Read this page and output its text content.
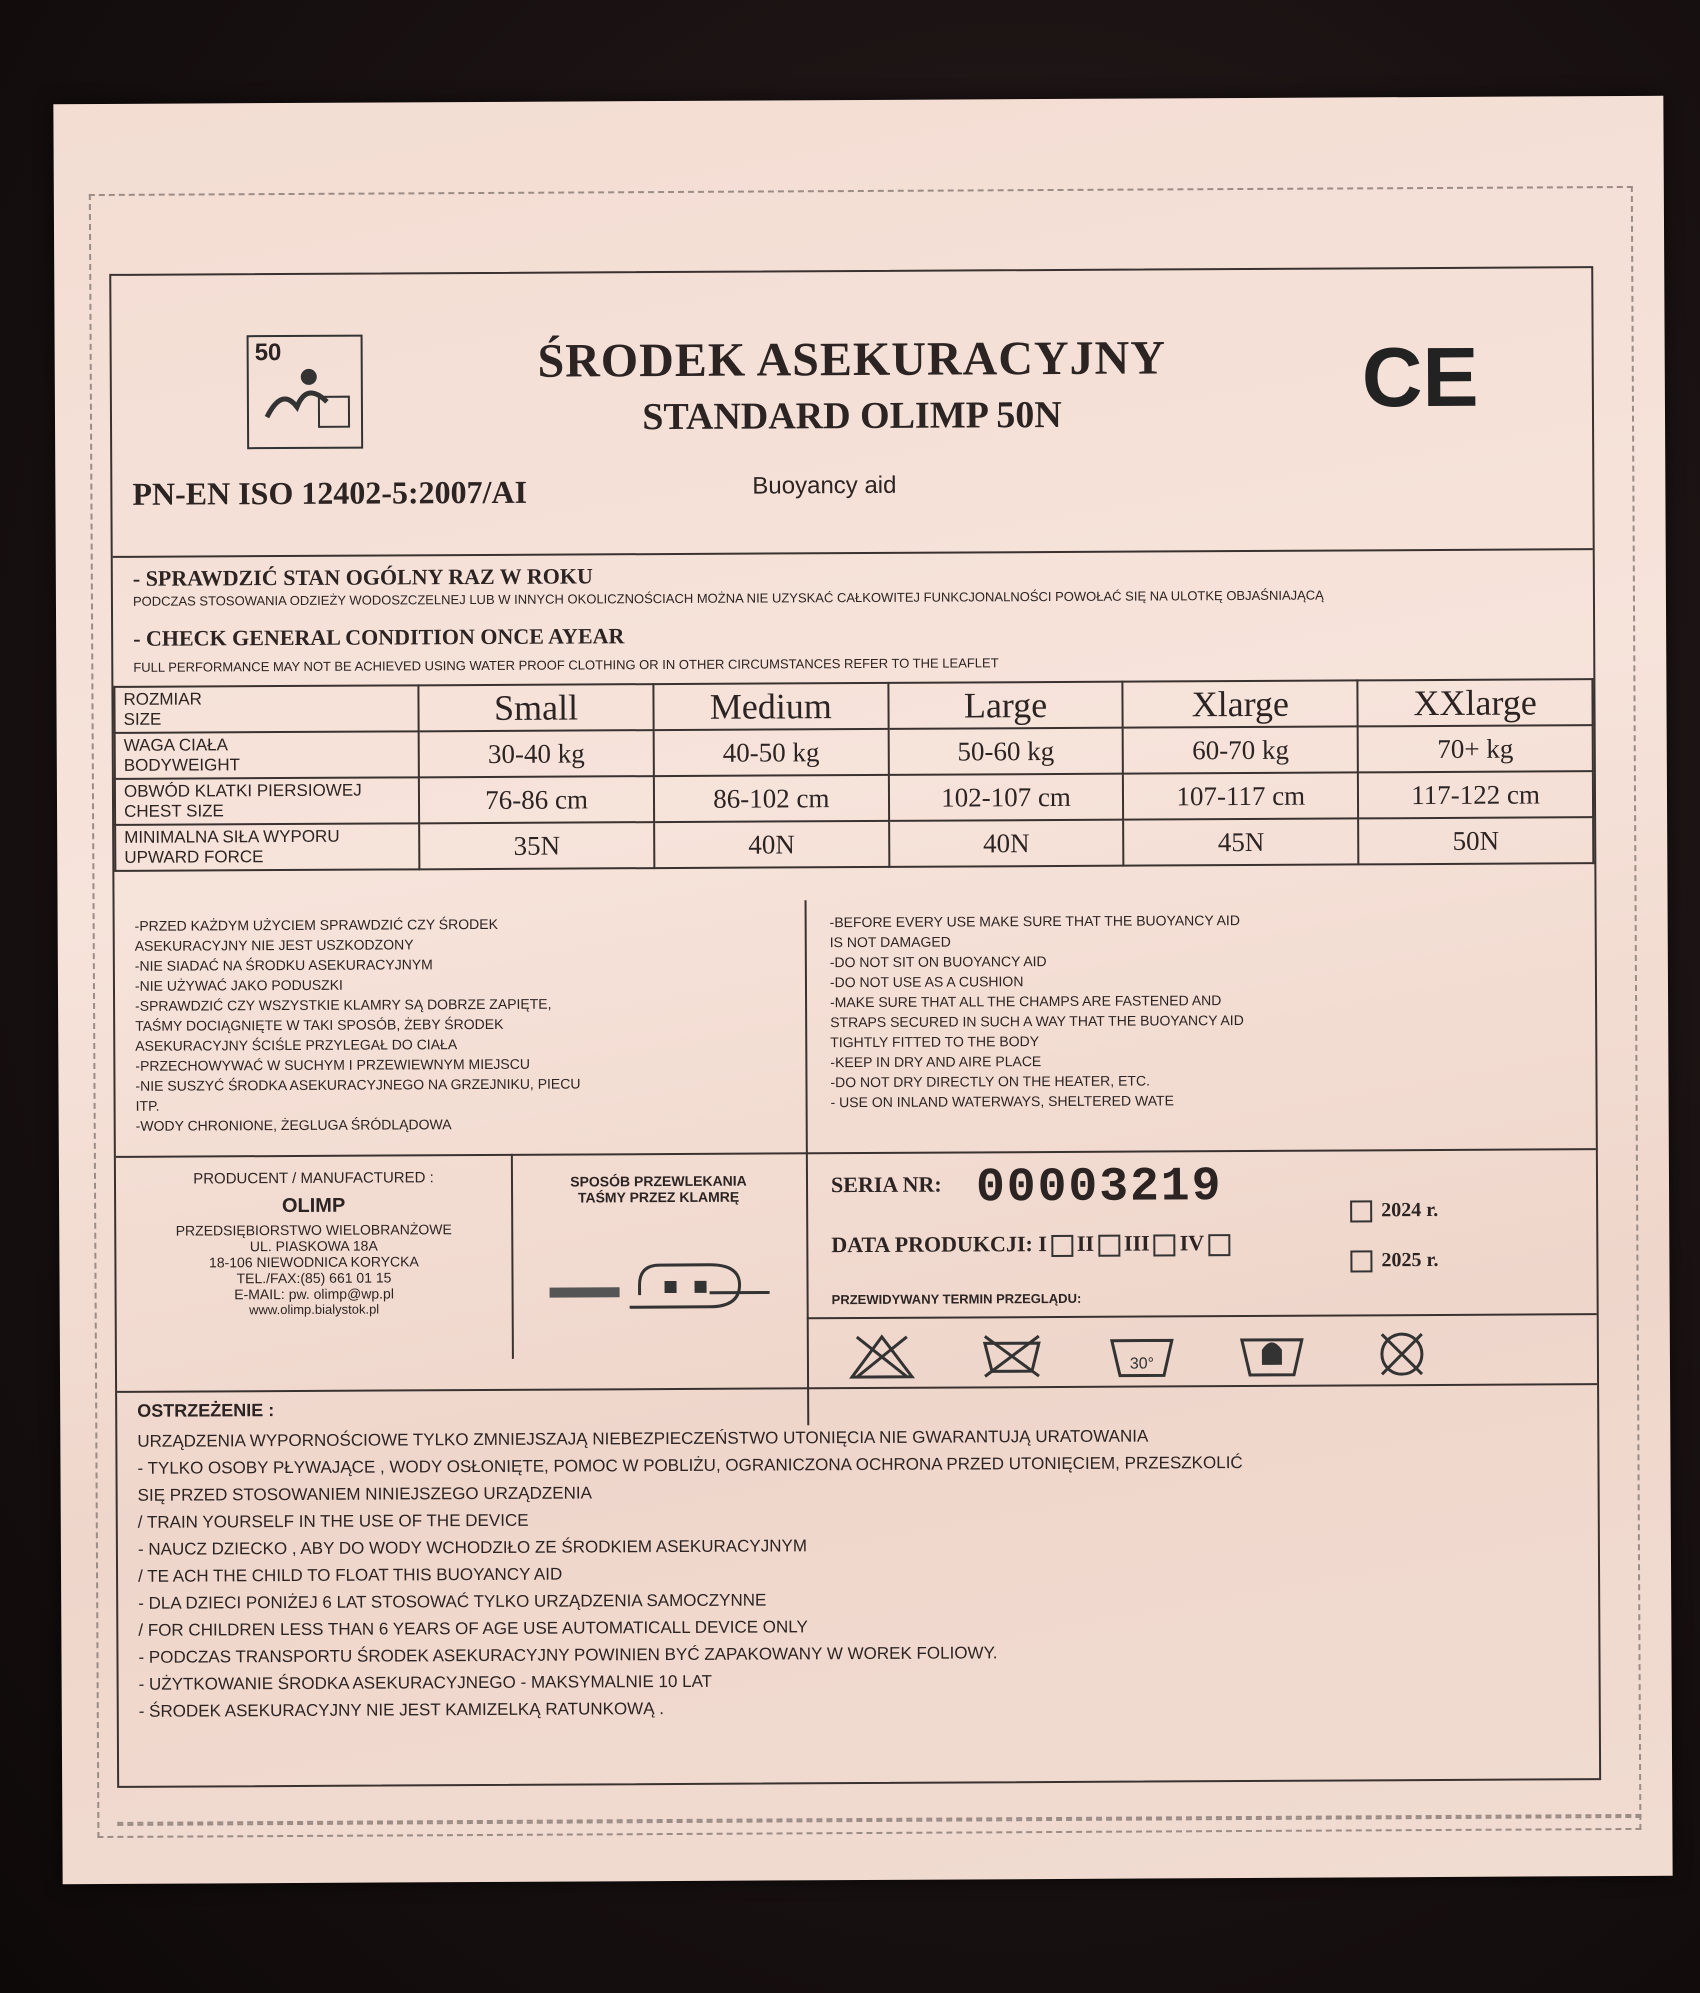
50	ŚRODEK ASEKURACYJNY
STANDARD OLIMP 50N	CE
PN-EN ISO 12402-5:2007/AI	Buoyancy aid
- SPRAWDZIĆ STAN OGÓLNY RAZ W ROKU
PODCZAS STOSOWANIA ODZIEŻY WODOSZCZELNEJ LUB W INNYCH OKOLICZNOŚCIACH MOŻNA NIE UZYSKAĆ CAŁKOWITEJ FUNKCJONALNOŚCI POWOŁAĆ SIĘ NA ULOTKĘ OBJAŚNIAJĄCĄ
- CHECK GENERAL CONDITION ONCE AYEAR
FULL PERFORMANCE MAY NOT BE ACHIEVED USING WATER PROOF CLOTHING OR IN OTHER CIRCUMSTANCES REFER TO THE LEAFLET
ROZMIAR
SIZE	Small	Medium	Large	Xlarge	XXlarge

WAGA CIAŁA
BODYWEIGHT	30-40 kg	40-50 kg	50-60 kg	60-70 kg	70+ kg

OBWÓD KLATKI PIERSIOWEJ
CHEST SIZE	76-86 cm	86-102 cm	102-107 cm	107-117 cm	117-122 cm

MINIMALNA SIŁA WYPORU
UPWARD FORCE	35N	40N	40N	45N	50N
-PRZED KAŻDYM UŻYCIEM SPRAWDZIĆ CZY ŚRODEK
ASEKURACYJNY NIE JEST USZKODZONY
-NIE SIADAĆ NA ŚRODKU ASEKURACYJNYM
-NIE UŻYWAĆ JAKO PODUSZKI
-SPRAWDZIĆ CZY WSZYSTKIE KLAMRY SĄ DOBRZE ZAPIĘTE,
TAŚMY DOCIĄGNIĘTE W TAKI SPOSÓB, ŻEBY ŚRODEK
ASEKURACYJNY ŚCIŚLE PRZYLEGAŁ DO CIAŁA
-PRZECHOWYWAĆ W SUCHYM I PRZEWIEWNYM MIEJSCU
-NIE SUSZYĆ ŚRODKA ASEKURACYJNEGO NA GRZEJNIKU, PIECU
ITP.
-WODY CHRONIONE, ŻEGLUGA ŚRÓDLĄDOWA
-BEFORE EVERY USE MAKE SURE THAT THE BUOYANCY AID
IS NOT DAMAGED
-DO NOT SIT ON BUOYANCY AID
-DO NOT USE AS A CUSHION
-MAKE SURE THAT ALL THE CHAMPS ARE FASTENED AND
STRAPS SECURED IN SUCH A WAY THAT THE BUOYANCY AID
TIGHTLY FITTED TO THE BODY
-KEEP IN DRY AND AIRE PLACE
-DO NOT DRY DIRECTLY ON THE HEATER, ETC.
- USE ON INLAND WATERWAYS, SHELTERED WATE
PRODUCENT / MANUFACTURED :
OLIMP
PRZEDSIĘBIORSTWO WIELOBRANŻOWE
UL. PIASKOWA 18A
18-106 NIEWODNICA KORYCKA
TEL./FAX:(85) 661 01 15
E-MAIL: pw. olimp@wp.pl
www.olimp.bialystok.pl
SPOSÓB PRZEWLEKANIA
TAŚMY PRZEZ KLAMRĘ	SERIA NR: 00003219
DATA PRODUKCJI: I II III IV
2024 r.
2025 r.
PRZEWIDYWANY TERMIN PRZEGLĄDU:
30°
OSTRZEŻENIE :
URZĄDZENIA WYPORNOŚCIOWE TYLKO ZMNIEJSZAJĄ NIEBEZPIECZEŃSTWO UTONIĘCIA NIE GWARANTUJĄ URATOWANIA
- TYLKO OSOBY PŁYWAJĄCE , WODY OSŁONIĘTE, POMOC W POBLIŻU, OGRANICZONA OCHRONA PRZED UTONIĘCIEM, PRZESZKOLIĆ
SIĘ PRZED STOSOWANIEM NINIEJSZEGO URZĄDZENIA
/ TRAIN YOURSELF IN THE USE OF THE DEVICE
- NAUCZ DZIECKO , ABY DO WODY WCHODZIŁO ZE ŚRODKIEM ASEKURACYJNYM
/ TE ACH THE CHILD TO FLOAT THIS BUOYANCY AID
- DLA DZIECI PONIŻEJ 6 LAT STOSOWAĆ TYLKO URZĄDZENIA SAMOCZYNNE
/ FOR CHILDREN LESS THAN 6 YEARS OF AGE USE AUTOMATICALL DEVICE ONLY
- PODCZAS TRANSPORTU ŚRODEK ASEKURACYJNY POWINIEN BYĆ ZAPAKOWANY W WOREK FOLIOWY.
- UŻYTKOWANIE ŚRODKA ASEKURACYJNEGO - MAKSYMALNIE 10 LAT
- ŚRODEK ASEKURACYJNY NIE JEST KAMIZELKĄ RATUNKOWĄ .
